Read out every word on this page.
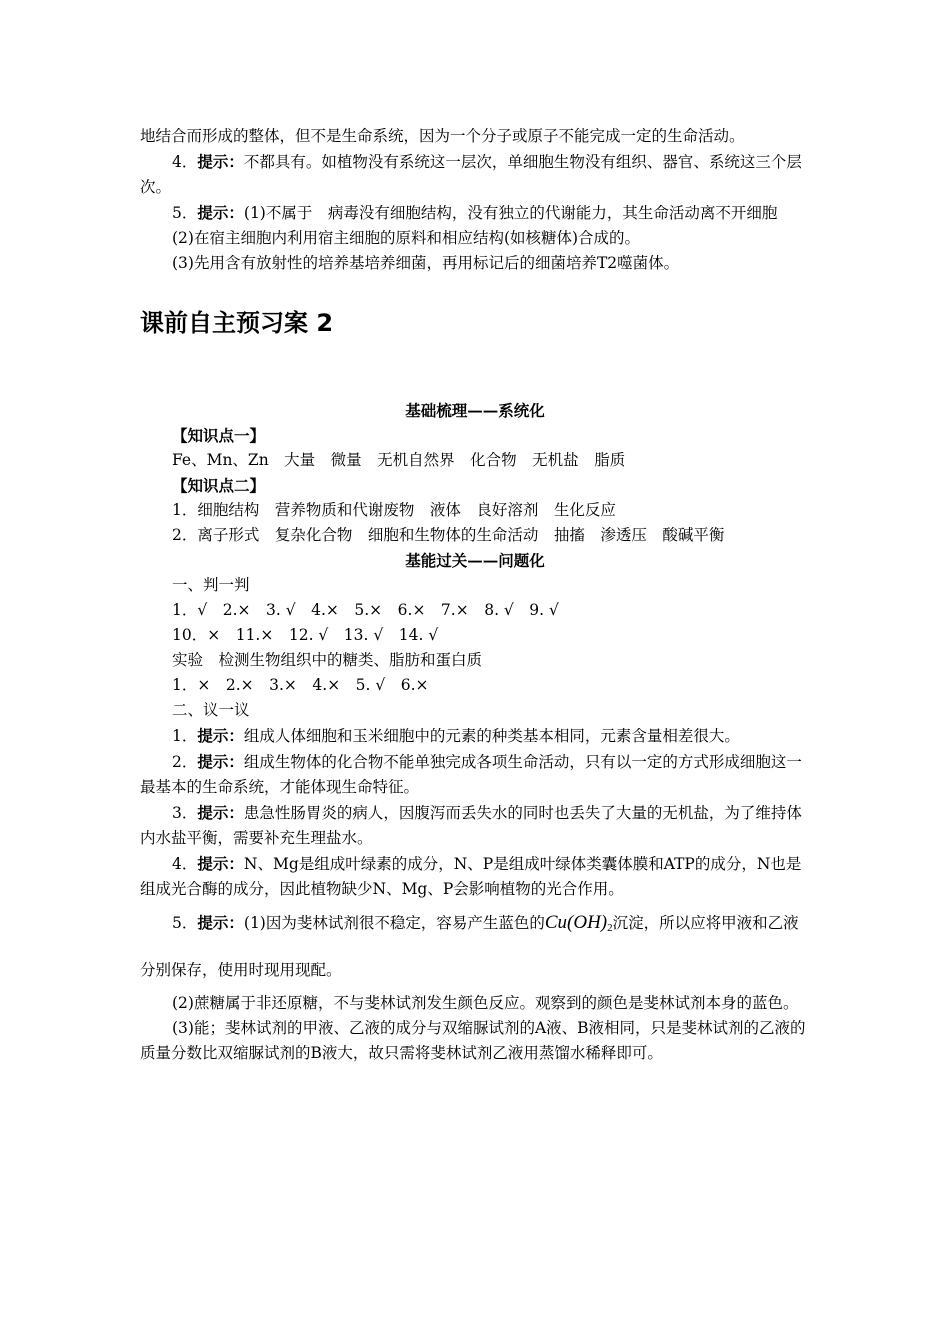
地结合而形成的整体，但不是生命系统，因为一个分子或原子不能完成一定的生命活动。

4．提示：不都具有。如植物没有系统这一层次，单细胞生物没有组织、器官、系统这三个层次。

5．提示：(1)不属于　病毒没有细胞结构，没有独立的代谢能力，其生命活动离不开细胞

(2)在宿主细胞内利用宿主细胞的原料和相应结构(如核糖体)合成的。

(3)先用含有放射性的培养基培养细菌，再用标记后的细菌培养T2噬菌体。

课前自主预习案 2

基础梳理——系统化

【知识点一】

Fe、Mn、Zn　大量　微量　无机自然界　化合物　无机盐　脂质

【知识点二】

1．细胞结构　营养物质和代谢废物　液体　良好溶剂　生化反应

2．离子形式　复杂化合物　细胞和生物体的生命活动　抽搐　渗透压　酸碱平衡

基能过关——问题化

一、判一判

1．√　2.×　3. √　4.×　5.×　6.×　7.×　8. √　9. √

10．×　11.×　12. √　13. √　14. √

实验　检测生物组织中的糖类、脂肪和蛋白质

1．×　2.×　3.×　4.×　5. √　6.×

二、议一议

1．提示：组成人体细胞和玉米细胞中的元素的种类基本相同，元素含量相差很大。

2．提示：组成生物体的化合物不能单独完成各项生命活动，只有以一定的方式形成细胞这一最基本的生命系统，才能体现生命特征。

3．提示：患急性肠胃炎的病人，因腹泻而丢失水的同时也丢失了大量的无机盐，为了维持体内水盐平衡，需要补充生理盐水。

4．提示：N、Mg是组成叶绿素的成分，N、P是组成叶绿体类囊体膜和ATP的成分，N也是组成光合酶的成分，因此植物缺少N、Mg、P会影响植物的光合作用。

5．提示：(1)因为斐林试剂很不稳定，容易产生蓝色的$Cu(OH)_2$沉淀，所以应将甲液和乙液分别保存，使用时现用现配。

(2)蔗糖属于非还原糖，不与斐林试剂发生颜色反应。观察到的颜色是斐林试剂本身的蓝色。

(3)能；斐林试剂的甲液、乙液的成分与双缩脲试剂的A液、B液相同，只是斐林试剂的乙液的质量分数比双缩脲试剂的B液大，故只需将斐林试剂乙液用蒸馏水稀释即可。
